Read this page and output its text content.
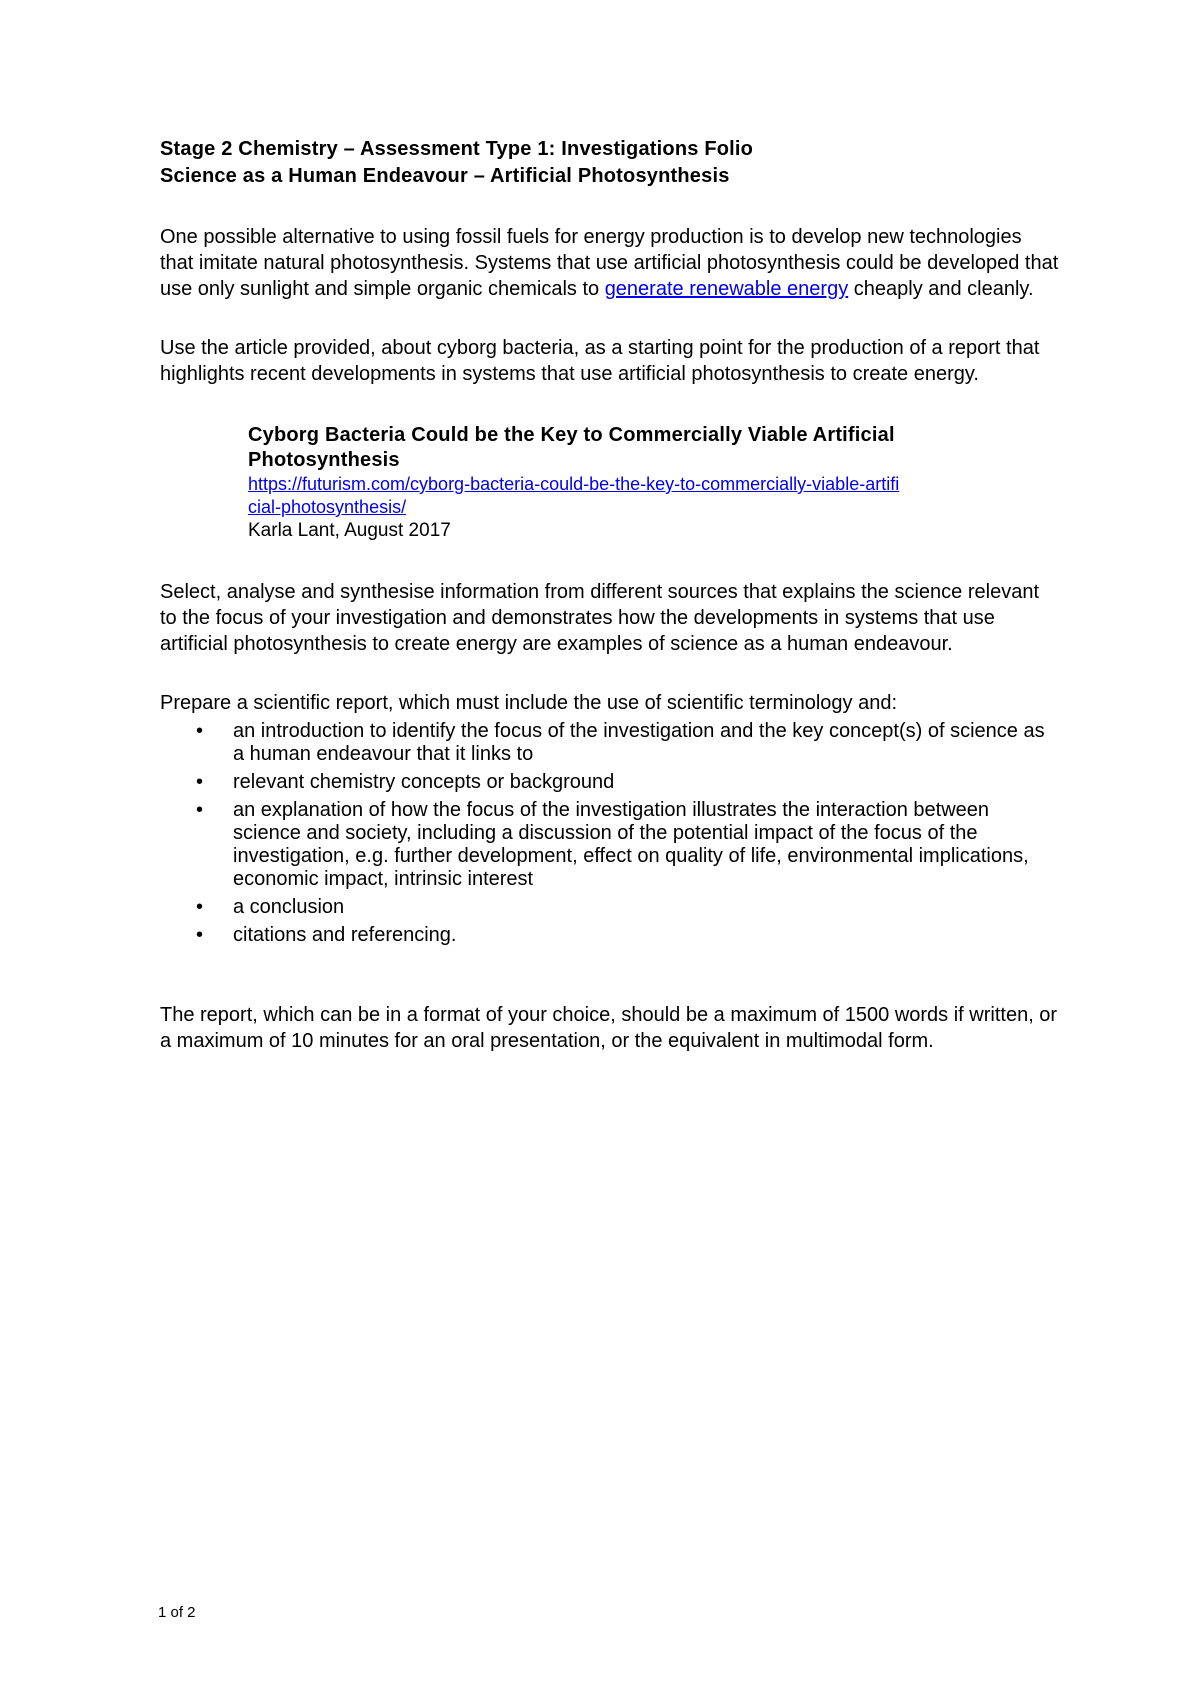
Stage 2 Chemistry – Assessment Type 1: Investigations Folio
Science as a Human Endeavour – Artificial Photosynthesis

One possible alternative to using fossil fuels for energy production is to develop new technologies that imitate natural photosynthesis. Systems that use artificial photosynthesis could be developed that use only sunlight and simple organic chemicals to generate renewable energy cheaply and cleanly.

Use the article provided, about cyborg bacteria, as a starting point for the production of a report that highlights recent developments in systems that use artificial photosynthesis to create energy.

Cyborg Bacteria Could be the Key to Commercially Viable Artificial Photosynthesis
https://futurism.com/cyborg-bacteria-could-be-the-key-to-commercially-viable-artificial-photosynthesis/
Karla Lant, August 2017

Select, analyse and synthesise information from different sources that explains the science relevant to the focus of your investigation and demonstrates how the developments in systems that use artificial photosynthesis to create energy are examples of science as a human endeavour.

Prepare a scientific report, which must include the use of scientific terminology and:

• an introduction to identify the focus of the investigation and the key concept(s) of science as a human endeavour that it links to
• relevant chemistry concepts or background
• an explanation of how the focus of the investigation illustrates the interaction between science and society, including a discussion of the potential impact of the focus of the investigation, e.g. further development, effect on quality of life, environmental implications, economic impact, intrinsic interest
• a conclusion
• citations and referencing.

The report, which can be in a format of your choice, should be a maximum of 1500 words if written, or a maximum of 10 minutes for an oral presentation, or the equivalent in multimodal form.

1 of 2
